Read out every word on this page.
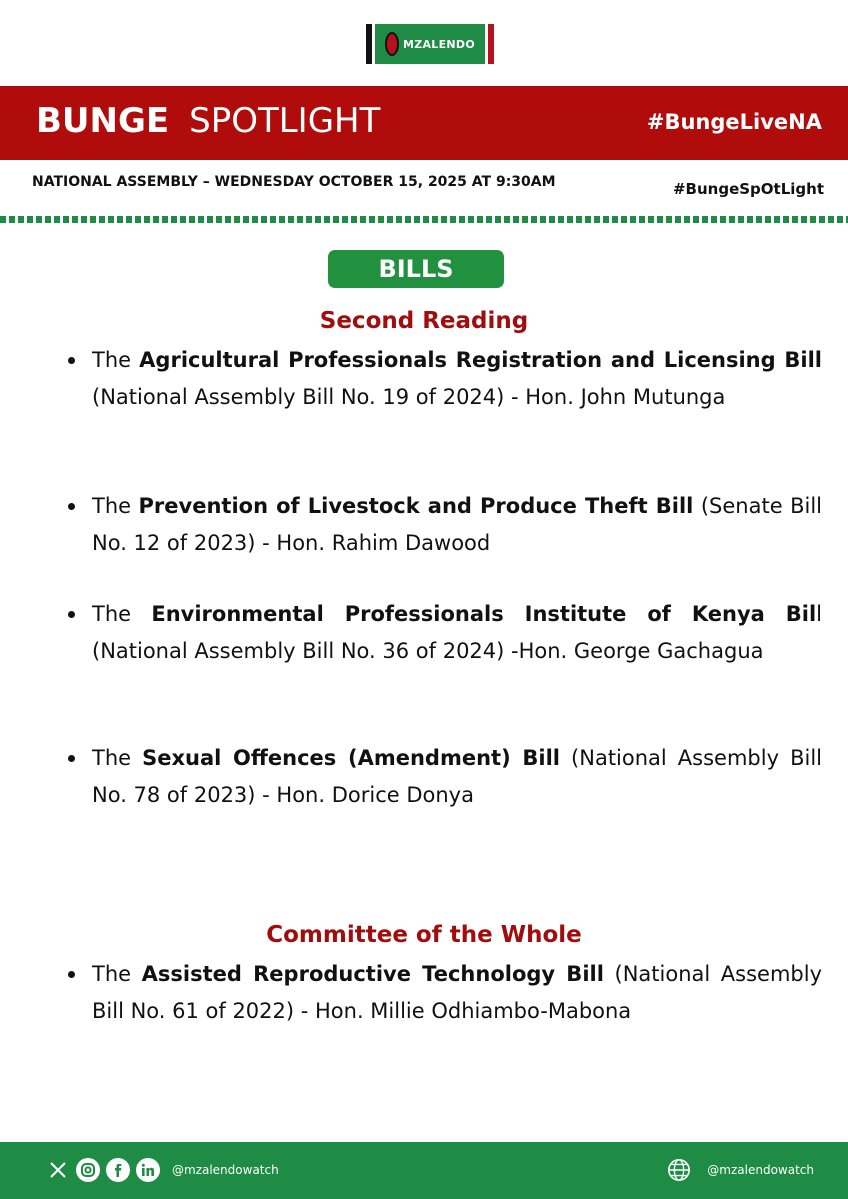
MZALENDO
BUNGE SPOTLIGHT	#BungeLiveNA
NATIONAL ASSEMBLY – WEDNESDAY OCTOBER 15, 2025 AT 9:30AM	#BungeSpOtLight
BILLS
Second Reading
The Agricultural Professionals Registration and Licensing Bill (National Assembly Bill No. 19 of 2024) - Hon. John Mutunga
The Prevention of Livestock and Produce Theft Bill (Senate Bill No. 12 of 2023) - Hon. Rahim Dawood
The Environmental Professionals Institute of Kenya Bill (National Assembly Bill No. 36 of 2024) -Hon. George Gachagua
The Sexual Offences (Amendment) Bill (National Assembly Bill No. 78 of 2023) - Hon. Dorice Donya
Committee of the Whole
The Assisted Reproductive Technology Bill (National Assembly Bill No. 61 of 2022) - Hon. Millie Odhiambo-Mabona
@mzalendowatch	@mzalendowatch
